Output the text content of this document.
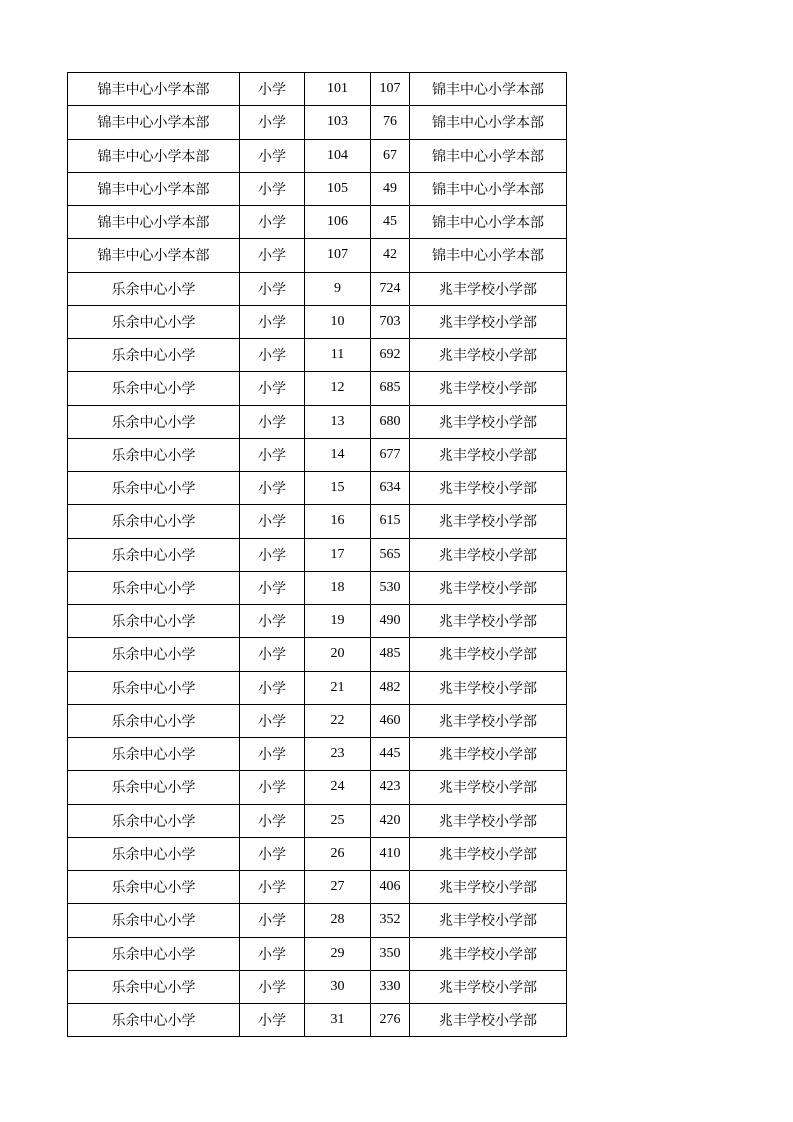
锦丰中心小学本部	小学	101	107	锦丰中心小学本部
锦丰中心小学本部	小学	103	76	锦丰中心小学本部
锦丰中心小学本部	小学	104	67	锦丰中心小学本部
锦丰中心小学本部	小学	105	49	锦丰中心小学本部
锦丰中心小学本部	小学	106	45	锦丰中心小学本部
锦丰中心小学本部	小学	107	42	锦丰中心小学本部
乐余中心小学	小学	9	724	兆丰学校小学部
乐余中心小学	小学	10	703	兆丰学校小学部
乐余中心小学	小学	11	692	兆丰学校小学部
乐余中心小学	小学	12	685	兆丰学校小学部
乐余中心小学	小学	13	680	兆丰学校小学部
乐余中心小学	小学	14	677	兆丰学校小学部
乐余中心小学	小学	15	634	兆丰学校小学部
乐余中心小学	小学	16	615	兆丰学校小学部
乐余中心小学	小学	17	565	兆丰学校小学部
乐余中心小学	小学	18	530	兆丰学校小学部
乐余中心小学	小学	19	490	兆丰学校小学部
乐余中心小学	小学	20	485	兆丰学校小学部
乐余中心小学	小学	21	482	兆丰学校小学部
乐余中心小学	小学	22	460	兆丰学校小学部
乐余中心小学	小学	23	445	兆丰学校小学部
乐余中心小学	小学	24	423	兆丰学校小学部
乐余中心小学	小学	25	420	兆丰学校小学部
乐余中心小学	小学	26	410	兆丰学校小学部
乐余中心小学	小学	27	406	兆丰学校小学部
乐余中心小学	小学	28	352	兆丰学校小学部
乐余中心小学	小学	29	350	兆丰学校小学部
乐余中心小学	小学	30	330	兆丰学校小学部
乐余中心小学	小学	31	276	兆丰学校小学部
